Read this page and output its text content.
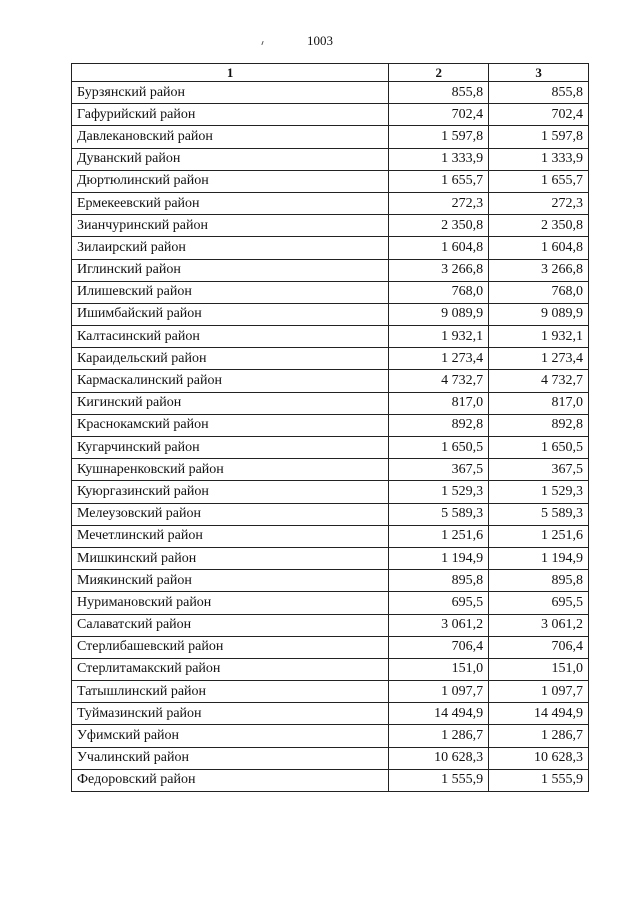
1003
1	2	3
Бурзянский район	855,8	855,8
Гафурийский район	702,4	702,4
Давлекановский район	1 597,8	1 597,8
Дуванский район	1 333,9	1 333,9
Дюртюлинский район	1 655,7	1 655,7
Ермекеевский район	272,3	272,3
Зианчуринский район	2 350,8	2 350,8
Зилаирский район	1 604,8	1 604,8
Иглинский район	3 266,8	3 266,8
Илишевский район	768,0	768,0
Ишимбайский район	9 089,9	9 089,9
Калтасинский район	1 932,1	1 932,1
Караидельский район	1 273,4	1 273,4
Кармаскалинский район	4 732,7	4 732,7
Кигинский район	817,0	817,0
Краснокамский район	892,8	892,8
Кугарчинский район	1 650,5	1 650,5
Кушнаренковский район	367,5	367,5
Куюргазинский район	1 529,3	1 529,3
Мелеузовский район	5 589,3	5 589,3
Мечетлинский район	1 251,6	1 251,6
Мишкинский район	1 194,9	1 194,9
Миякинский район	895,8	895,8
Нуримановский район	695,5	695,5
Салаватский район	3 061,2	3 061,2
Стерлибашевский район	706,4	706,4
Стерлитамакский район	151,0	151,0
Татышлинский район	1 097,7	1 097,7
Туймазинский район	14 494,9	14 494,9
Уфимский район	1 286,7	1 286,7
Учалинский район	10 628,3	10 628,3
Федоровский район	1 555,9	1 555,9
